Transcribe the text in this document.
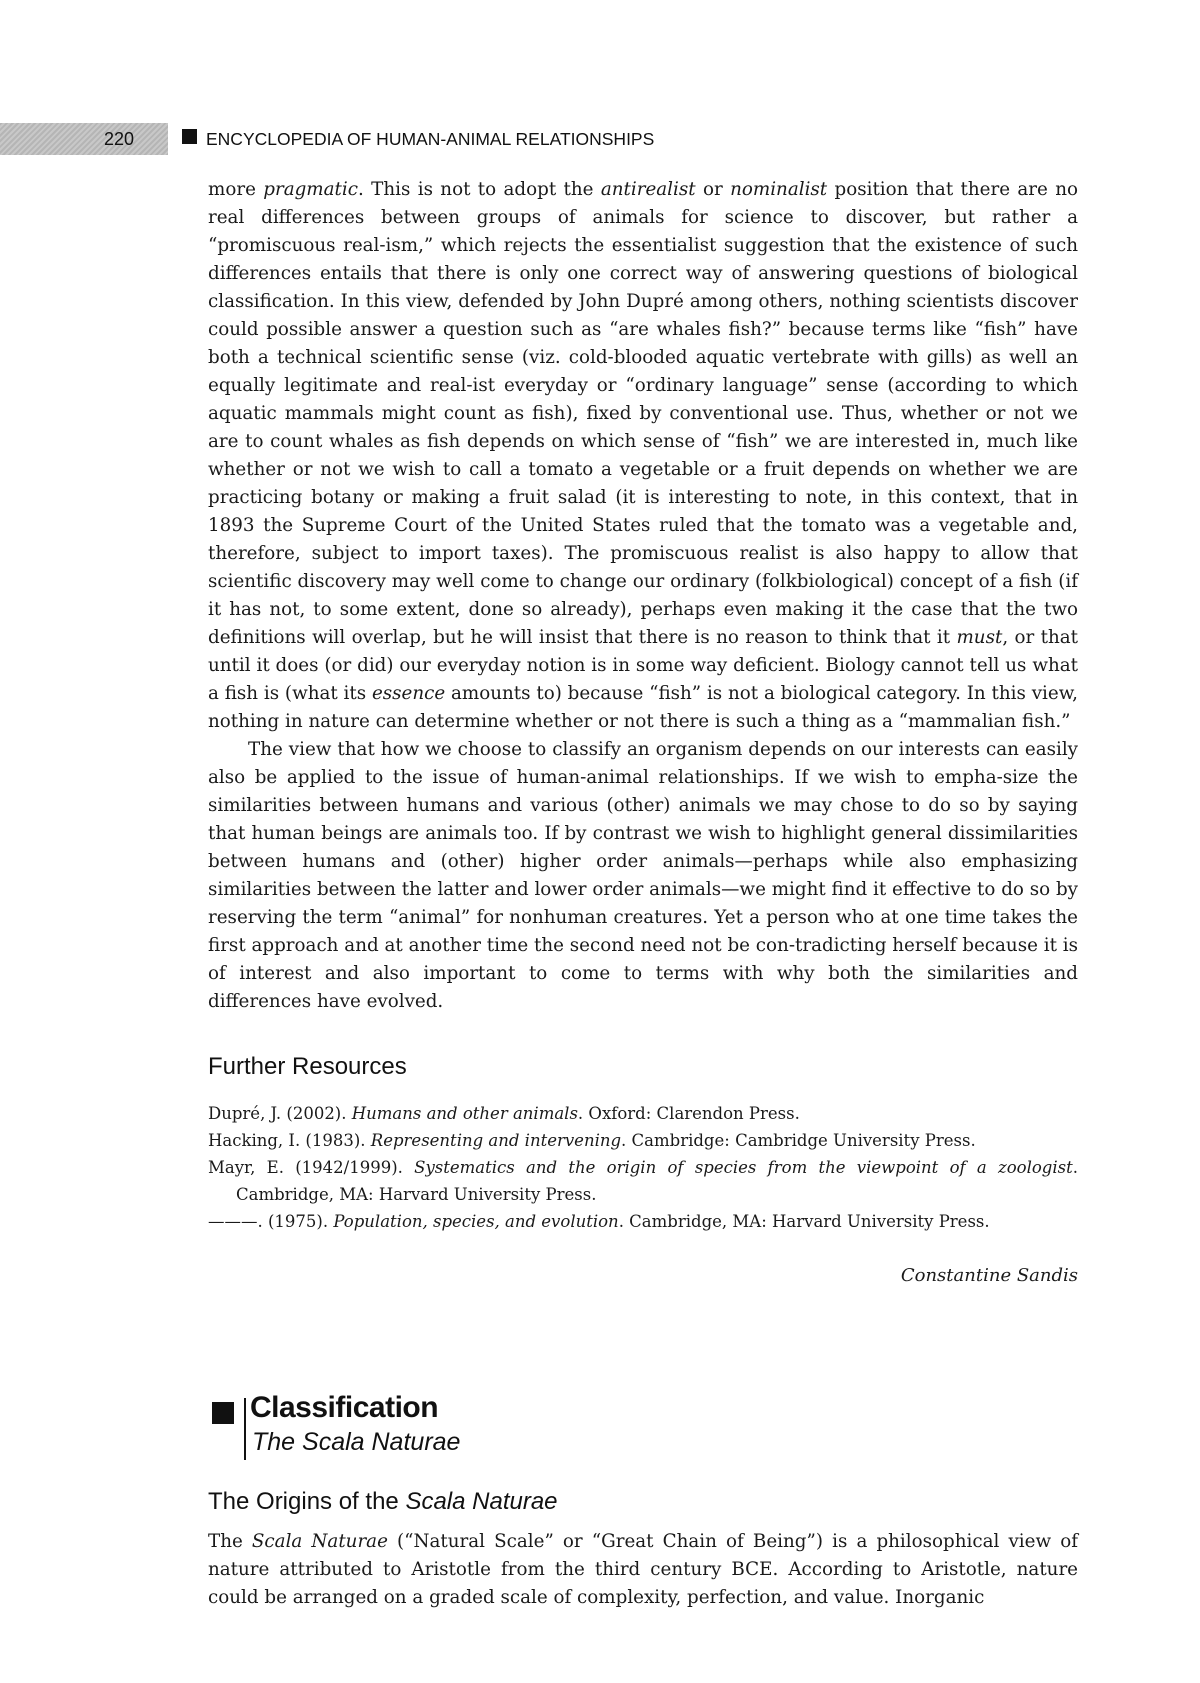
220	ENCYCLOPEDIA OF HUMAN-ANIMAL RELATIONSHIPS

more pragmatic. This is not to adopt the antirealist or nominalist position that there are no real differences between groups of animals for science to discover, but rather a “promiscuous real-ism,” which rejects the essentialist suggestion that the existence of such differences entails that there is only one correct way of answering questions of biological classification. In this view, defended by John Dupré among others, nothing scientists discover could possible answer a question such as “are whales fish?” because terms like “fish” have both a technical scientific sense (viz. cold-blooded aquatic vertebrate with gills) as well an equally legitimate and real-ist everyday or “ordinary language” sense (according to which aquatic mammals might count as fish), fixed by conventional use. Thus, whether or not we are to count whales as fish depends on which sense of “fish” we are interested in, much like whether or not we wish to call a tomato a vegetable or a fruit depends on whether we are practicing botany or making a fruit salad (it is interesting to note, in this context, that in 1893 the Supreme Court of the United States ruled that the tomato was a vegetable and, therefore, subject to import taxes). The promiscuous realist is also happy to allow that scientific discovery may well come to change our ordinary (folkbiological) concept of a fish (if it has not, to some extent, done so already), perhaps even making it the case that the two definitions will overlap, but he will insist that there is no reason to think that it must, or that until it does (or did) our everyday notion is in some way deficient. Biology cannot tell us what a fish is (what its essence amounts to) because “fish” is not a biological category. In this view, nothing in nature can determine whether or not there is such a thing as a “mammalian fish.”

The view that how we choose to classify an organism depends on our interests can easily also be applied to the issue of human-animal relationships. If we wish to empha-size the similarities between humans and various (other) animals we may chose to do so by saying that human beings are animals too. If by contrast we wish to highlight general dissimilarities between humans and (other) higher order animals—perhaps while also emphasizing similarities between the latter and lower order animals—we might find it effective to do so by reserving the term “animal” for nonhuman creatures. Yet a person who at one time takes the first approach and at another time the second need not be con-tradicting herself because it is of interest and also important to come to terms with why both the similarities and differences have evolved.

Further Resources

Dupré, J. (2002). Humans and other animals. Oxford: Clarendon Press.

Hacking, I. (1983). Representing and intervening. Cambridge: Cambridge University Press.

Mayr, E. (1942/1999). Systematics and the origin of species from the viewpoint of a zoologist. Cambridge, MA: Harvard University Press.

———. (1975). Population, species, and evolution. Cambridge, MA: Harvard University Press.

Constantine Sandis
Classification
The Scala Naturae
The Origins of the Scala Naturae

The Scala Naturae (“Natural Scale” or “Great Chain of Being”) is a philosophical view of nature attributed to Aristotle from the third century BCE. According to Aristotle, nature could be arranged on a graded scale of complexity, perfection, and value. Inorganic
